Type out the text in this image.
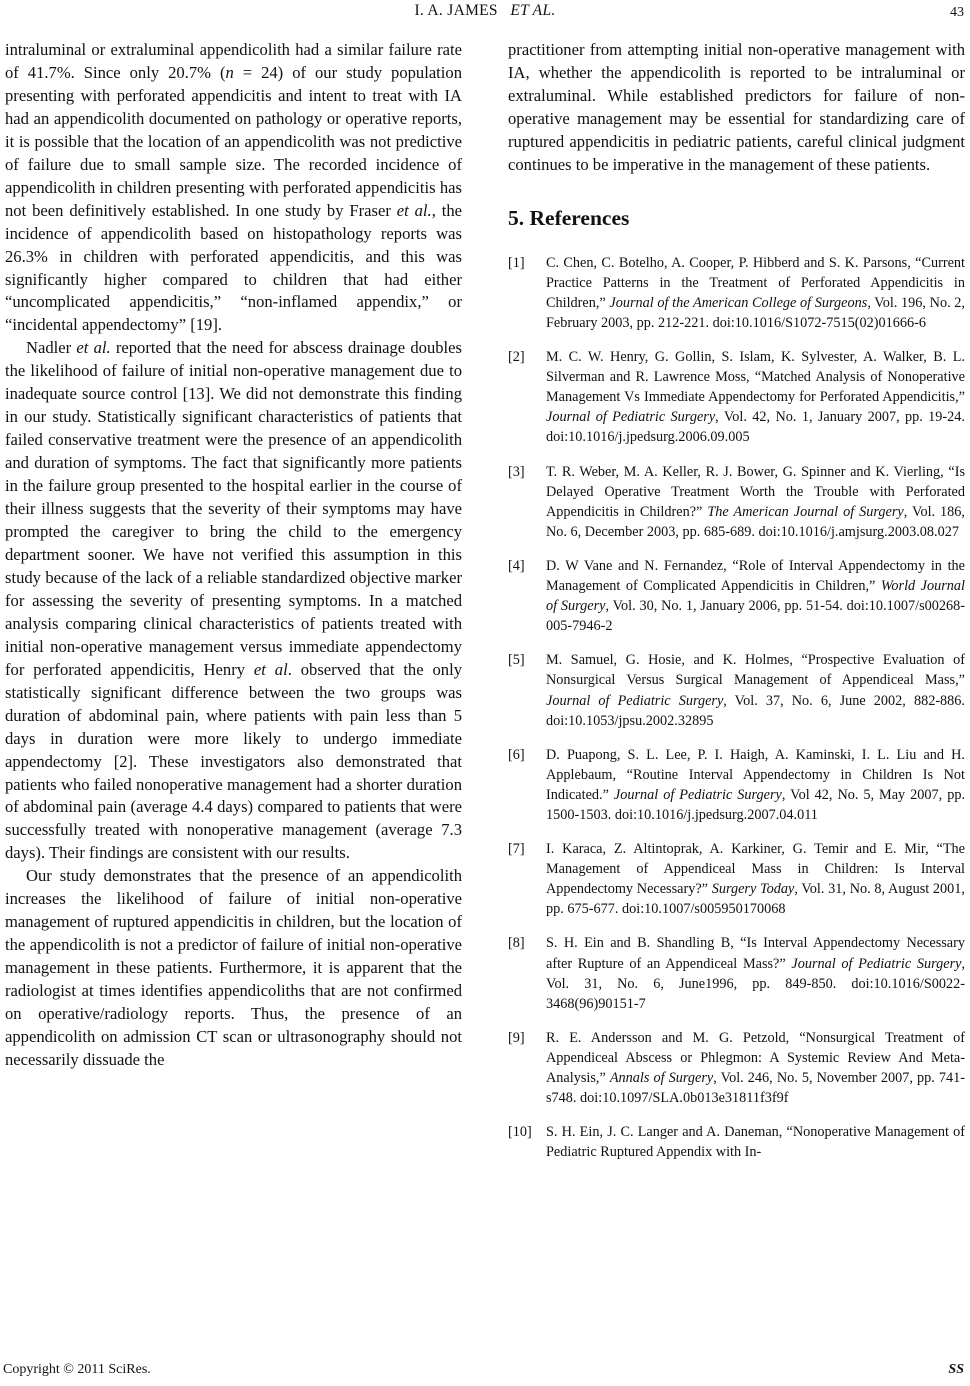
I. A. JAMES ET AL.	43

intraluminal or extraluminal appendicolith had a similar failure rate of 41.7%. Since only 20.7% (n = 24) of our study population presenting with perforated appendicitis and intent to treat with IA had an appendicolith documented on pathology or operative reports, it is possible that the location of an appendicolith was not predictive of failure due to small sample size. The recorded incidence of appendicolith in children presenting with perforated appendicitis has not been definitively established. In one study by Fraser et al., the incidence of appendicolith based on histopathology reports was 26.3% in children with perforated appendicitis, and this was significantly higher compared to children that had either “uncomplicated appendicitis,” “non-inflamed appendix,” or “incidental appendectomy” [19].

Nadler et al. reported that the need for abscess drainage doubles the likelihood of failure of initial non-operative management due to inadequate source control [13]. We did not demonstrate this finding in our study. Statistically significant characteristics of patients that failed conservative treatment were the presence of an appendicolith and duration of symptoms. The fact that significantly more patients in the failure group presented to the hospital earlier in the course of their illness suggests that the severity of their symptoms may have prompted the caregiver to bring the child to the emergency department sooner. We have not verified this assumption in this study because of the lack of a reliable standardized objective marker for assessing the severity of presenting symptoms. In a matched analysis comparing clinical characteristics of patients treated with initial non-operative management versus immediate appendectomy for perforated appendicitis, Henry et al. observed that the only statistically significant difference between the two groups was duration of abdominal pain, where patients with pain less than 5 days in duration were more likely to undergo immediate appendectomy [2]. These investigators also demonstrated that patients who failed nonoperative management had a shorter duration of abdominal pain (average 4.4 days) compared to patients that were successfully treated with nonoperative management (average 7.3 days). Their findings are consistent with our results.

Our study demonstrates that the presence of an appendicolith increases the likelihood of failure of initial non-operative management of ruptured appendicitis in children, but the location of the appendicolith is not a predictor of failure of initial non-operative management in these patients. Furthermore, it is apparent that the radiologist at times identifies appendicoliths that are not confirmed on operative/radiology reports. Thus, the presence of an appendicolith on admission CT scan or ultrasonography should not necessarily dissuade the

practitioner from attempting initial non-operative management with IA, whether the appendicolith is reported to be intraluminal or extraluminal. While established predictors for failure of non-operative management may be essential for standardizing care of ruptured appendicitis in pediatric patients, careful clinical judgment continues to be imperative in the management of these patients.

5. References
[1] C. Chen, C. Botelho, A. Cooper, P. Hibberd and S. K. Parsons, “Current Practice Patterns in the Treatment of Perforated Appendicitis in Children,” Journal of the American College of Surgeons, Vol. 196, No. 2, February 2003, pp. 212-221. doi:10.1016/S1072-7515(02)01666-6
[2] M. C. W. Henry, G. Gollin, S. Islam, K. Sylvester, A. Walker, B. L. Silverman and R. Lawrence Moss, “Matched Analysis of Nonoperative Management Vs Immediate Appendectomy for Perforated Appendicitis,” Journal of Pediatric Surgery, Vol. 42, No. 1, January 2007, pp. 19-24. doi:10.1016/j.jpedsurg.2006.09.005
[3] T. R. Weber, M. A. Keller, R. J. Bower, G. Spinner and K. Vierling, “Is Delayed Operative Treatment Worth the Trouble with Perforated Appendicitis in Children?” The American Journal of Surgery, Vol. 186, No. 6, December 2003, pp. 685-689. doi:10.1016/j.amjsurg.2003.08.027
[4] D. W Vane and N. Fernandez, “Role of Interval Appendectomy in the Management of Complicated Appendicitis in Children,” World Journal of Surgery, Vol. 30, No. 1, January 2006, pp. 51-54. doi:10.1007/s00268-005-7946-2
[5] M. Samuel, G. Hosie, and K. Holmes, “Prospective Evaluation of Nonsurgical Versus Surgical Management of Appendiceal Mass,” Journal of Pediatric Surgery, Vol. 37, No. 6, June 2002, 882-886. doi:10.1053/jpsu.2002.32895
[6] D. Puapong, S. L. Lee, P. I. Haigh, A. Kaminski, I. L. Liu and H. Applebaum, “Routine Interval Appendectomy in Children Is Not Indicated.” Journal of Pediatric Surgery, Vol 42, No. 5, May 2007, pp. 1500-1503. doi:10.1016/j.jpedsurg.2007.04.011
[7] I. Karaca, Z. Altintoprak, A. Karkiner, G. Temir and E. Mir, “The Management of Appendiceal Mass in Children: Is Interval Appendectomy Necessary?” Surgery Today, Vol. 31, No. 8, August 2001, pp. 675-677. doi:10.1007/s005950170068
[8] S. H. Ein and B. Shandling B, “Is Interval Appendectomy Necessary after Rupture of an Appendiceal Mass?” Journal of Pediatric Surgery, Vol. 31, No. 6, June1996, pp. 849-850. doi:10.1016/S0022-3468(96)90151-7
[9] R. E. Andersson and M. G. Petzold, “Nonsurgical Treatment of Appendiceal Abscess or Phlegmon: A Systemic Review And Meta-Analysis,” Annals of Surgery, Vol. 246, No. 5, November 2007, pp. 741-s748. doi:10.1097/SLA.0b013e31811f3f9f
[10] S. H. Ein, J. C. Langer and A. Daneman, “Nonoperative Management of Pediatric Ruptured Appendix with In-
Copyright © 2011 SciRes.	SS
